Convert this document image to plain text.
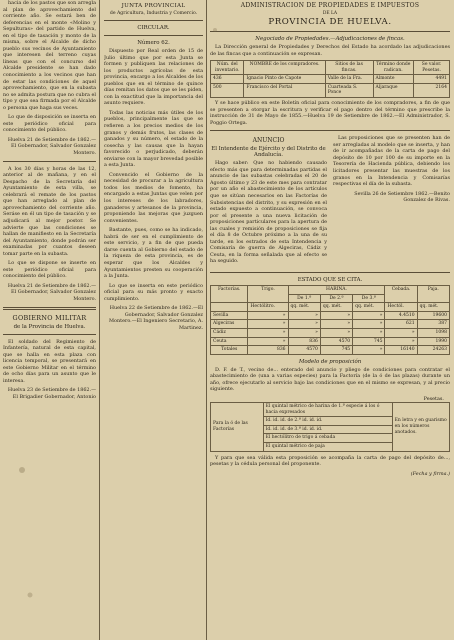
hacia de los pastos que son arregla al plan de aprovechamiento del corriente año. Se estará ben de deferencias en el monte «Molino y Sepulturas» del partido de Huelva, en el tipo de tasación y monto de la misma, sobre el Alcalde de dicho pueblo sus vecinos de Ayuntamiento que interesen del terreno cuyas líneas que con el concurso del Alcalde presidente se han dado conocimiento a los vecinos que han de estar las condiciones de aquel aprovechamiento, que en la subasta no se admita postura que no cubra el tipo y que sea firmada por el Alcalde o persona que haga sus veces.

Lo que de disposición se inserta en este periódico oficial para conocimiento del público.

Huelva 21 de Setiembre de 1862.—El Gobernador, Salvador Gonzalez Montero.

A los 30 días y horas de las 12, anterior al de mañana, y en el Despacho de la Secretaría del Ayuntamiento de esta villa, se celebrará el remate de los pastos que han arreglado al plan de aprovechamiento del corriente año. Seráse en él un tipo de tasación y se adjudicará al mejor postor. Se advierte que las condiciones se hallan de manifiesto en la Secretaría del Ayuntamiento, donde podrán ser examinadas por cuantos deseen tomar parte en la subasta.

Lo que se dispone se inserte en este periódico oficial para conocimiento del público.

Huelva 21 de Setiembre de 1862.—El Gobernador, Salvador Gonzalez Montero.

GOBIERNO MILITAR
de la Provincia de Huelva.

El soldado del Regimiento de Infantería, natural de esta capital, que se halla en esta plaza con licencia temporal, se presentará en este Gobierno Militar en el término de ocho días para un asunto que le interesa.

Huelva 23 de Setiembre de 1862.—El Brigadier Gobernador, Antonio

JUNTA PROVINCIAL
de Agricultura, Industria y Comercio.
CIRCULAR.
Número 62.

Dispuesto por Real orden de 15 de Julio último que por esta Junta se formen y publiquen las relaciones de los productos agrícolas de esta provincia, encargo a los Alcaldes de los pueblos que en el término de quince días remitan los datos que se les piden, con la exactitud que la importancia del asunto requiere.

Todas las noticias más útiles de los pueblos, principalmente las que se refieren a los precios medios de los granos y demás frutos, las clases de ganados y su número, el estado de la cosecha y las causas que la hayan favorecido o perjudicado, deberán enviarse con la mayor brevedad posible a esta Junta.

Convencido el Gobierno de la necesidad de procurar a la agricultura todos los medios de fomento, ha encargado a estas Juntas que velen por los intereses de los labradores, ganaderos y artesanos de la provincia, proponiendo las mejoras que juzguen convenientes.

Bastante, pues, como se ha indicado, habrá de ser en el cumplimiento de este servicio, y a fin de que pueda darse cuenta al Gobierno del estado de la riqueza de esta provincia, es de esperar que los Alcaldes y Ayuntamientos presten su cooperación a la Junta.

Lo que se inserta en este periódico oficial para su más pronto y exacto cumplimiento.

Huelva 22 de Setiembre de 1862.—El Gobernador, Salvador Gonzalez Montero.—El Ingeniero Secretario, A. Martinez.

ADMINISTRACION DE PROPIEDADES E IMPUESTOS
DE LA
PROVINCIA DE HUELVA.
Negociado de Propiedades.—Adjudicaciones de fincas.

La Dirección general de Propiedades y Derechos del Estado ha acordado las adjudicaciones de las fincas que a continuación se expresan.

Núm. del inventario.	NOMBRE de los compradores.	Sitios de las fincas.	Término donde radican.	Se valor. Pesetas.
436	Ignacio Pinto de Capote	Valle de la Fra.	Almonte	4491
500	Francisco del Portal	Cuarteada S. Ponce	Aljaraque	2164

Y se hace público en este Boletín oficial para conocimiento de los compradores, a fin de que se presenten a otorgar la escritura y verificar el pago dentro del término que prescribe la instrucción de 31 de Mayo de 1855.—Huelva 19 de Setiembre de 1862.—El Administrador, S. Poggio Ortega.

ANUNCIO
El Intendente de Ejército y del Distrito de Andalucía.

Hago saber: Que no habiendo causado efecto más que para determinadas partidas el anuncio de las subastas celebradas el 20 de Agosto último y 23 de este mes para contratar por un año el abastecimiento de los artículos que se sitúan necesarios en las Factorías de Subsistencias del distrito, y su expresión en el estado expuesto a continuación, se convoca por el presente a una nueva licitación de proposiciones particulares para la apertura de las cuales y remisión de proposiciones se fija el día 8 de Octubre próximo a la una de su tarde, en los estrados de esta Intendencia y Comisaría de guerra de Algeciras, Cádiz y Ceuta, en la forma señalada que al efecto se ha seguido.

Las proposiciones que se presenten han de ser arregladas al modelo que se inserta, y han de ir acompañadas de la carta de pago del depósito de 10 por 100 de su importe en la Tesorería de Hacienda pública, debiendo los licitadores presentar las muestras de los granos en la Intendencia y Comisarías respectivas el día de la subasta.

Sevilla 26 de Setiembre 1862.—Benito Gonzalez de Rivas.

ESTADO QUE SE CITA.
Factorías.	Trigo.	HARINA.			Cebada.	Paja.
		De 1.ª	De 2.ª	De 3.ª		
	Hectólitro.	qq. mét.	qq. mét.	qq. mét.	Hectól.	qq. mét.
Sevilla	»	»	»	»	4.4510	19600
Algeciras	»	»	»	»	621	387
Cádiz	»	»	»	»	»	1098
Ceuta	»	836	4570	745	»	1990
Totales	836	4570	745	»	16140	24263
Modelo de proposición

D. F. de T., vecino de... enterado del anuncio y pliego de condiciones para contratar el abastecimiento de (una a varias especies) para la Factoría (de la ó de las plazas) durante un año, ofrece ejecutarlo al servicio bajo las condiciones que en el mismo se expresan, y al precio siguiente.

Pesetas.
Para la ó de las Factorías	El quintal métrico de harina de 1.ª especie á los ó hacia expresados	En letra y en guarismo en los números anotados.
Id. id. id. de 2.ª id. id. id.
Id. id. id. de 3.ª id. id. id.
El hectólitro de trigo á cebada
El quintal métrico de paja

Y para que sea válida esta proposición se acompaña la carta de pago del depósito de..., pesetas y la cédula personal del proponente.

(Fecha y firma.)
